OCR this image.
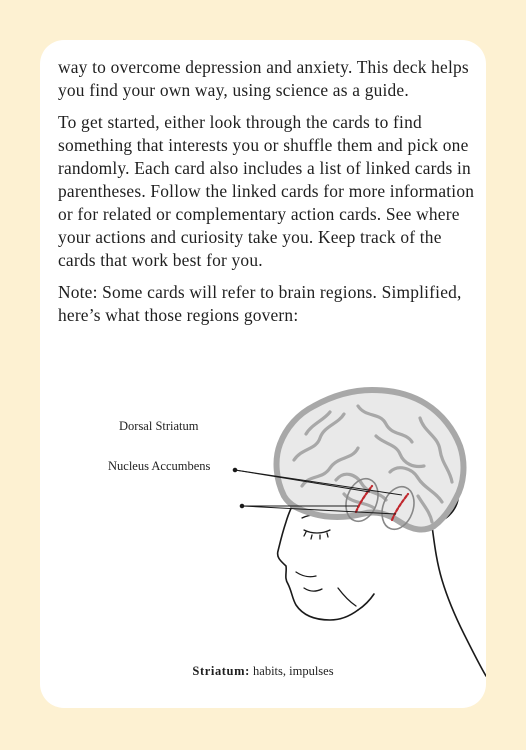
way to overcome depression and anxiety. This deck helps you find your own way, using science as a guide.

To get started, either look through the cards to find something that interests you or shuffle them and pick one randomly. Each card also includes a list of linked cards in parentheses. Follow the linked cards for more information or for related or complementary action cards. See where your actions and curiosity take you. Keep track of the cards that work best for you.

Note: Some cards will refer to brain regions. Simplified, here’s what those regions govern:

Dorsal Striatum
Nucleus Accumbens
Striatum: habits, impulses
